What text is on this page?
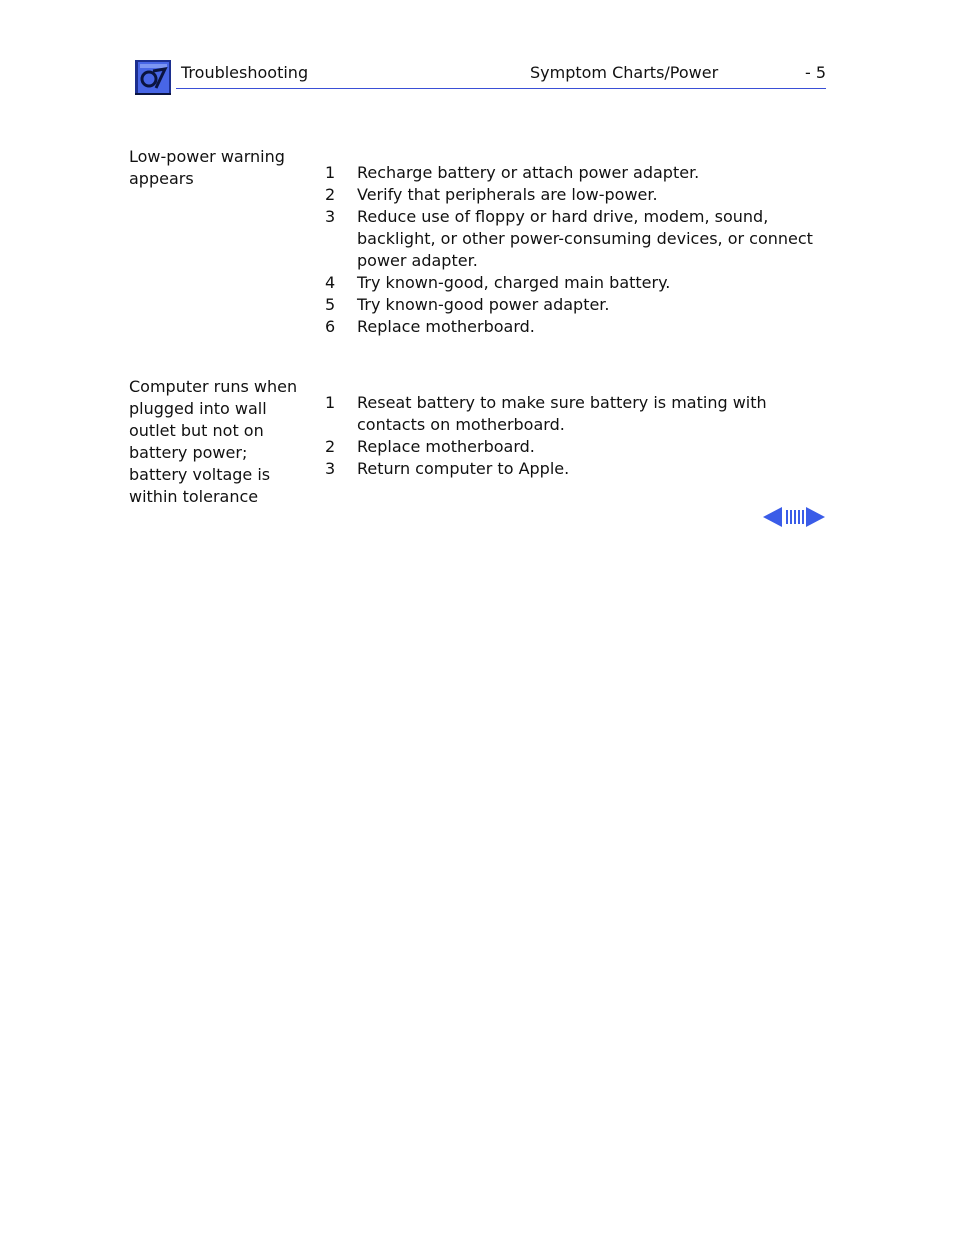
Troubleshooting	Symptom Charts/Power	- 5
Low-power warning appears	1	Recharge battery or attach power adapter.
2	Verify that peripherals are low-power.
3	Reduce use of floppy or hard drive, modem, sound, backlight, or other power-consuming devices, or connect power adapter.
4	Try known-good, charged main battery.
5	Try known-good power adapter.
6	Replace motherboard.
Computer runs when plugged into wall outlet but not on battery power; battery voltage is within tolerance
1	Reseat battery to make sure battery is mating with contacts on motherboard.
2	Replace motherboard.
3	Return computer to Apple.
